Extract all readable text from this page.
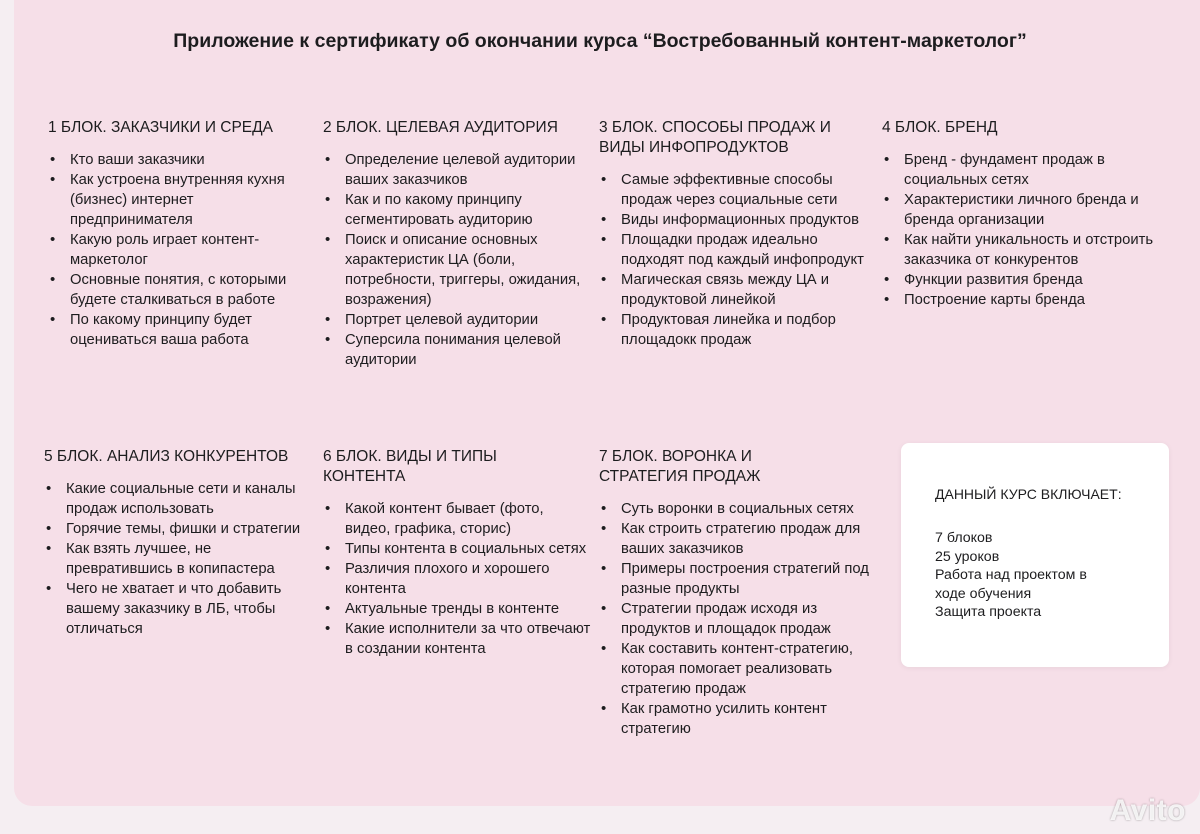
Приложение к сертификату об окончании курса “Востребованный контент-маркетолог”
1 БЛОК. ЗАКАЗЧИКИ И СРЕДА
• Кто ваши заказчики
• Как устроена внутренняя кухня (бизнес) интернет предпринимателя
• Какую роль играет контент-маркетолог
• Основные понятия, с которыми будете сталкиваться в работе
• По какому принципу будет оцениваться ваша работа
2 БЛОК. ЦЕЛЕВАЯ АУДИТОРИЯ
• Определение целевой аудитории ваших заказчиков
• Как и по какому принципу сегментировать аудиторию
• Поиск и описание основных характеристик ЦА (боли, потребности, триггеры, ожидания, возражения)
• Портрет целевой аудитории
• Суперсила понимания целевой аудитории
3 БЛОК. СПОСОБЫ ПРОДАЖ И ВИДЫ ИНФОПРОДУКТОВ
• Самые эффективные способы продаж через социальные сети
• Виды информационных продуктов
• Площадки продаж идеально подходят под каждый инфопродукт
• Магическая связь между ЦА и продуктовой линейкой
• Продуктовая линейка и подбор площадокк продаж
4 БЛОК. БРЕНД
• Бренд - фундамент продаж в социальных сетях
• Характеристики личного бренда и бренда организации
• Как найти уникальность и отстроить заказчика от конкурентов
• Функции развития бренда
• Построение карты бренда
5 БЛОК. АНАЛИЗ КОНКУРЕНТОВ
• Какие социальные сети и каналы продаж использовать
• Горячие темы, фишки и стратегии
• Как взять лучшее, не превратившись в копипастера
• Чего не хватает и что добавить вашему заказчику в ЛБ, чтобы отличаться
6 БЛОК. ВИДЫ И ТИПЫ КОНТЕНТА
• Какой контент бывает (фото, видео, графика, сторис)
• Типы контента в социальных сетях
• Различия плохого и хорошего контента
• Актуальные тренды в контенте
• Какие исполнители за что отвечают в создании контента
7 БЛОК. ВОРОНКА И СТРАТЕГИЯ ПРОДАЖ
• Суть воронки в социальных сетях
• Как строить стратегию продаж для ваших заказчиков
• Примеры построения стратегий под разные продукты
• Стратегии продаж исходя из продуктов и площадок продаж
• Как составить контент-стратегию, которая помогает реализовать стратегию продаж
• Как грамотно усилить контент стратегию
ДАННЫЙ КУРС ВКЛЮЧАЕТ:
7 блоков
25 уроков
Работа над проектом в ходе обучения
Защита проекта
Avito
